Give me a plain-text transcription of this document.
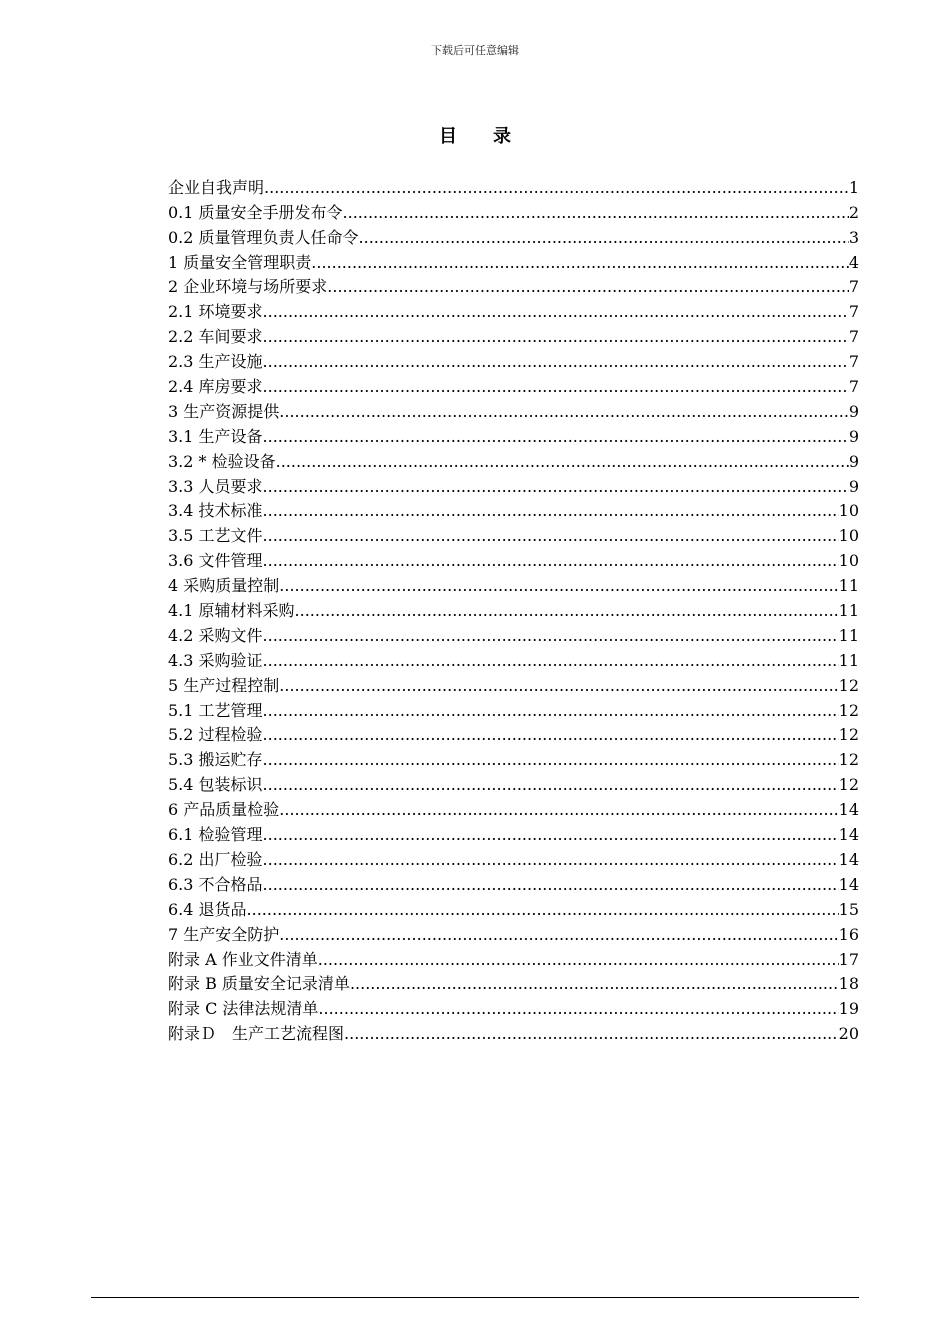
下载后可任意编辑
目录
企业自我声明 .....	1
0.1 质量安全手册发布令 .....	2
0.2 质量管理负责人任命令 .....	3
1 质量安全管理职责 .....	4
2 企业环境与场所要求 .....	7
2.1 环境要求 .....	7
2.2 车间要求 .....	7
2.3 生产设施 .....	7
2.4 库房要求 .....	7
3 生产资源提供 .....	9
3.1 生产设备 .....	9
3.2 * 检验设备 .....	9
3.3 人员要求 .....	9
3.4 技术标准 .....	10
3.5 工艺文件 .....	10
3.6 文件管理 .....	10
4 采购质量控制 .....	11
4.1 原辅材料采购 .....	11
4.2 采购文件 .....	11
4.3 采购验证 .....	11
5 生产过程控制 .....	12
5.1 工艺管理 .....	12
5.2 过程检验 .....	12
5.3 搬运贮存 .....	12
5.4 包装标识 .....	12
6 产品质量检验 .....	14
6.1 检验管理 .....	14
6.2 出厂检验 .....	14
6.3 不合格品 .....	14
6.4 退货品 .....	15
7 生产安全防护 .....	16
附录 A 作业文件清单 .....	17
附录 B 质量安全记录清单 .....	18
附录 C 法律法规清单 .....	19
附录Ｄ　生产工艺流程图 .....	20
